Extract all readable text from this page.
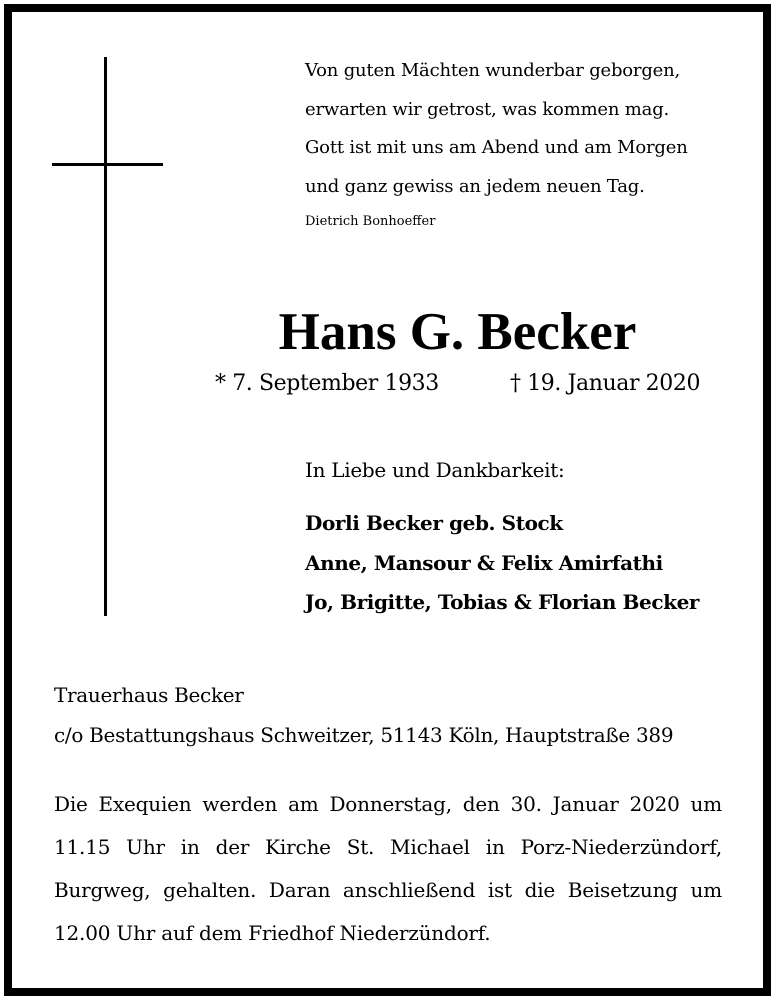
Von guten Mächten wunderbar geborgen,
erwarten wir getrost, was kommen mag.
Gott ist mit uns am Abend und am Morgen
und ganz gewiss an jedem neuen Tag.
Dietrich Bonhoeffer
Hans G. Becker
* 7. September 1933	† 19. Januar 2020
In Liebe und Dankbarkeit:
Dorli Becker geb. Stock
Anne, Mansour & Felix Amirfathi
Jo, Brigitte, Tobias & Florian Becker
Trauerhaus Becker
c/o Bestattungshaus Schweitzer, 51143 Köln, Hauptstraße 389
Die Exequien werden am Donnerstag, den 30. Januar 2020 um 11.15 Uhr in der Kirche St. Michael in Porz-Niederzündorf, Burgweg, gehalten. Daran anschließend ist die Beisetzung um 12.00 Uhr auf dem Friedhof Niederzündorf.
